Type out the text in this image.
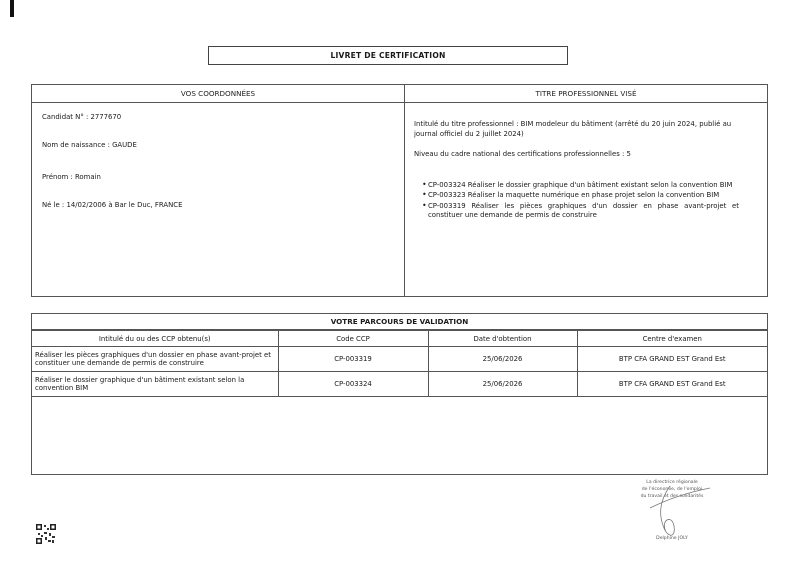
LIVRET DE CERTIFICATION
VOS COORDONNÉES

Candidat N° : 2777670

Nom de naissance : GAUDE

Prénom : Romain

Né le : 14/02/2006 à Bar le Duc, FRANCE

TITRE PROFESSIONNEL VISÉ

Intitulé du titre professionnel : BIM modeleur du bâtiment (arrêté du 20 juin 2024, publié au journal officiel du 2 juillet 2024)

Niveau du cadre national des certifications professionnelles : 5

• CP-003324 Réaliser le dossier graphique d'un bâtiment existant selon la convention BIM
• CP-003323 Réaliser la maquette numérique en phase projet selon la convention BIM
• CP-003319 Réaliser les pièces graphiques d'un dossier en phase avant-projet et constituer une demande de permis de construire
VOTRE PARCOURS DE VALIDATION
Intitulé du ou des CCP obtenu(s)	Code CCP	Date d'obtention	Centre d'examen
Réaliser les pièces graphiques d'un dossier en phase avant-projet et constituer une demande de permis de construire	CP-003319	25/06/2026	BTP CFA GRAND EST Grand Est
Réaliser le dossier graphique d'un bâtiment existant selon la convention BIM	CP-003324	25/06/2026	BTP CFA GRAND EST Grand Est
La directrice régionale
de l'économie, de l'emploi
du travail et des solidarités
Delphine JOLY
